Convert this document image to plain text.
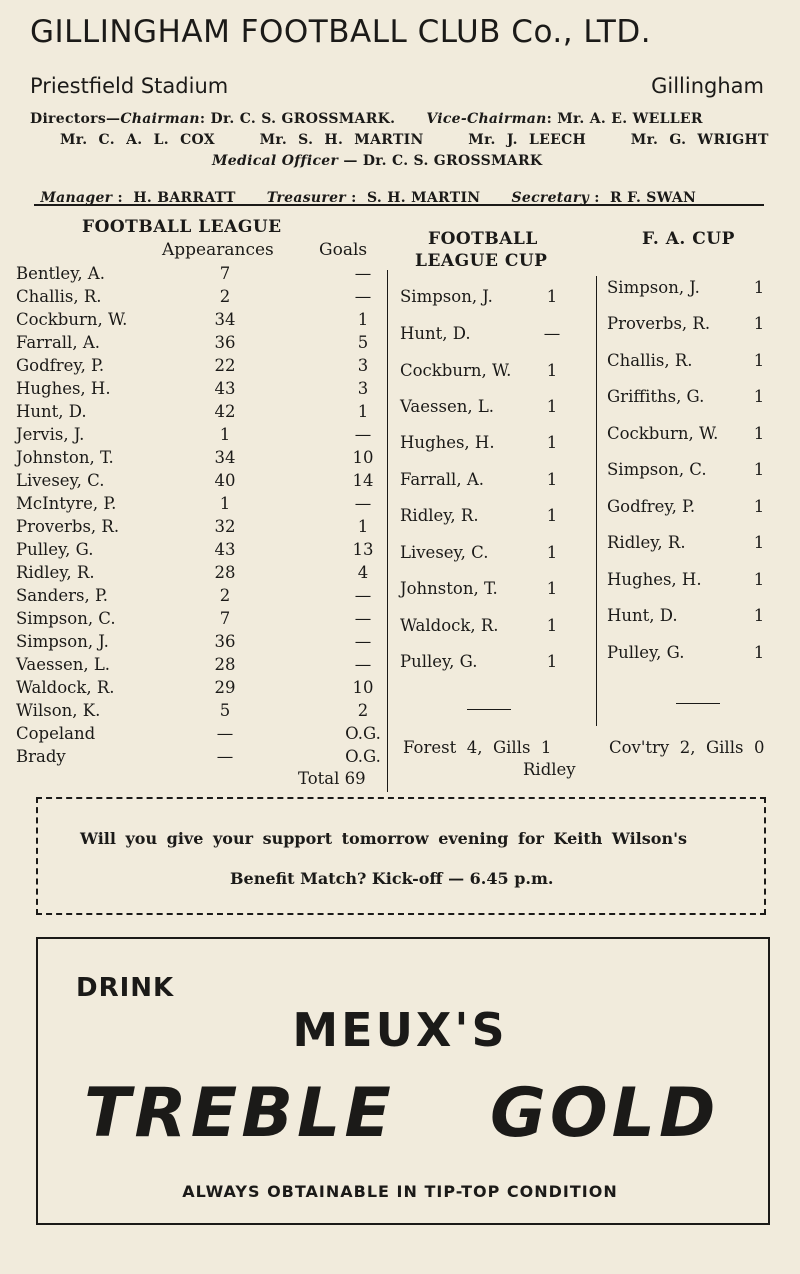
GILLINGHAM FOOTBALL CLUB Co., LTD.
Priestfield Stadium	Gillingham
Directors—Chairman: Dr. C. S. GROSSMARK. Vice-Chairman: Mr. A. E. WELLER
Mr. C. A. L. COX    Mr. S. H. MARTIN    Mr. J. LEECH    Mr. G. WRIGHT
Medical Officer — Dr. C. S. GROSSMARK

Manager :  H. BARRATT Treasurer :  S. H. MARTIN Secretary :  R F. SWAN

FOOTBALL LEAGUE
Appearances	Goals
FOOTBALL
LEAGUE CUP
F. A. CUP
Bentley, A.	7	—
Challis, R.	2	—
Cockburn, W.	34	1
Farrall, A.	36	5
Godfrey, P.	22	3
Hughes, H.	43	3
Hunt, D.	42	1
Jervis, J.	1	—
Johnston, T.	34	10
Livesey, C.	40	14
McIntyre, P.	1	—
Proverbs, R.	32	1
Pulley, G.	43	13
Ridley, R.	28	4
Sanders, P.	2	—
Simpson, C.	7	—
Simpson, J.	36	—
Vaessen, L.	28	—
Waldock, R.	29	10
Wilson, K.	5	2
Copeland	—	O.G.
Brady	—	O.G.
Total 69
Simpson, J.	1
Hunt, D.	—
Cockburn, W.	1
Vaessen, L.	1
Hughes, H.	1
Farrall, A.	1
Ridley, R.	1
Livesey, C.	1
Johnston, T.	1
Waldock, R.	1
Pulley, G.	1
Forest  4,  Gills  1
Ridley
Simpson, J.	1
Proverbs, R.	1
Challis, R.	1
Griffiths, G.	1
Cockburn, W.	1
Simpson, C.	1
Godfrey, P.	1
Ridley, R.	1
Hughes, H.	1
Hunt, D.	1
Pulley, G.	1
Cov'try  2,  Gills  0
Will you give your support tomorrow evening for Keith Wilson's
Benefit Match? Kick-off — 6.45 p.m.
DRINK
MEUX'S
TREBLE GOLD
ALWAYS OBTAINABLE IN TIP-TOP CONDITION
